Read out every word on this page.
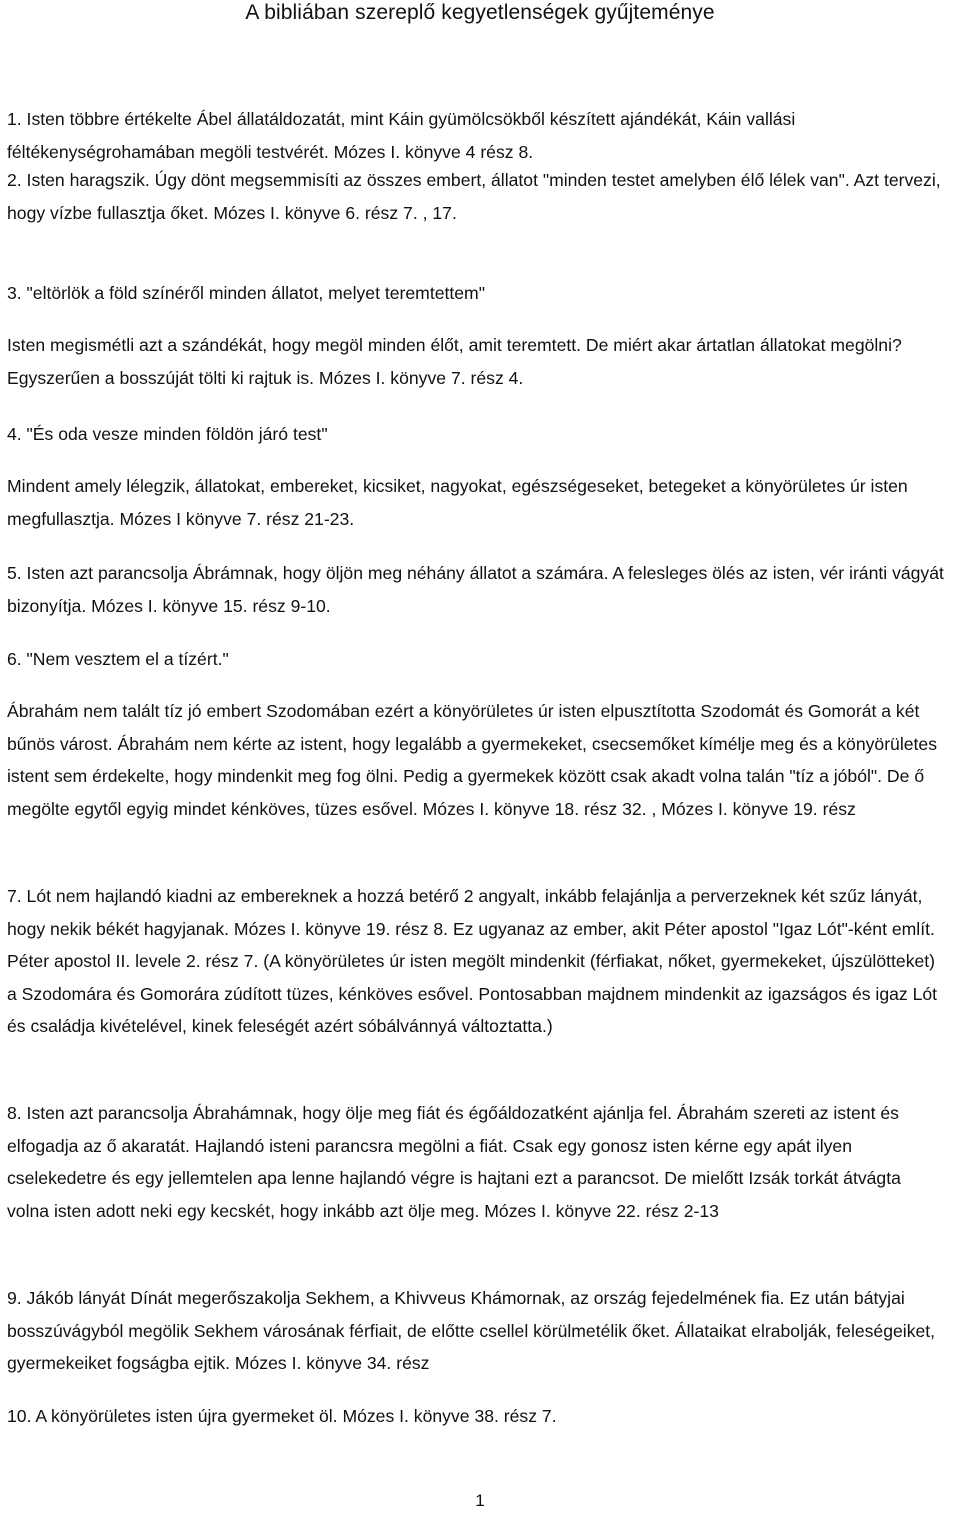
A bibliában szereplő kegyetlenségek gyűjteménye

1. Isten többre értékelte Ábel állatáldozatát, mint Káin gyümölcsökből készített ajándékát, Káin vallási féltékenységrohamában megöli testvérét. Mózes I. könyve 4 rész 8.

2. Isten haragszik. Úgy dönt megsemmisíti az összes embert, állatot "minden testet amelyben élő lélek van". Azt tervezi, hogy vízbe fullasztja őket. Mózes I. könyve 6. rész 7. , 17.

3. "eltörlök a föld színéről minden állatot, melyet teremtettem"

Isten megismétli azt a szándékát, hogy megöl minden élőt, amit teremtett. De miért akar ártatlan állatokat megölni? Egyszerűen a bosszúját tölti ki rajtuk is. Mózes I. könyve 7. rész 4.

4. "És oda vesze minden földön járó test"

Mindent amely lélegzik, állatokat, embereket, kicsiket, nagyokat, egészségeseket, betegeket a könyörületes úr isten megfullasztja. Mózes I könyve 7. rész 21-23.

5. Isten azt parancsolja Ábrámnak, hogy öljön meg néhány állatot a számára. A felesleges ölés az isten, vér iránti vágyát bizonyítja. Mózes I. könyve 15. rész 9-10.

6. "Nem vesztem el a tízért."

Ábrahám nem talált tíz jó embert Szodomában ezért a könyörületes úr isten elpusztította Szodomát és Gomorát a két bűnös várost. Ábrahám nem kérte az istent, hogy legalább a gyermekeket, csecsemőket kímélje meg és a könyörületes istent sem érdekelte, hogy mindenkit meg fog ölni. Pedig a gyermekek között csak akadt volna talán "tíz a jóból". De ő megölte egytől egyig mindet kénköves, tüzes esővel. Mózes I. könyve 18. rész 32. , Mózes I. könyve 19. rész

7. Lót nem hajlandó kiadni az embereknek a hozzá betérő 2 angyalt, inkább felajánlja a perverzeknek két szűz lányát, hogy nekik békét hagyjanak. Mózes I. könyve 19. rész 8. Ez ugyanaz az ember, akit Péter apostol "Igaz Lót"-ként említ. Péter apostol II. levele 2. rész 7. (A könyörületes úr isten megölt mindenkit (férfiakat, nőket, gyermekeket, újszülötteket) a Szodomára és Gomorára zúdított tüzes, kénköves esővel. Pontosabban majdnem mindenkit az igazságos és igaz Lót és családja kivételével, kinek feleségét azért sóbálvánnyá változtatta.)

8. Isten azt parancsolja Ábrahámnak, hogy ölje meg fiát és égőáldozatként ajánlja fel. Ábrahám szereti az istent és elfogadja az ő akaratát. Hajlandó isteni parancsra megölni a fiát. Csak egy gonosz isten kérne egy apát ilyen cselekedetre és egy jellemtelen apa lenne hajlandó végre is hajtani ezt a parancsot. De mielőtt Izsák torkát átvágta volna isten adott neki egy kecskét, hogy inkább azt ölje meg. Mózes I. könyve 22. rész 2-13

9. Jákób lányát Dínát megerőszakolja Sekhem, a Khivveus Khámornak, az ország fejedelmének fia. Ez után bátyjai bosszúvágyból megölik Sekhem városának férfiait, de előtte csellel körülmetélik őket. Állataikat elrabolják, feleségeiket, gyermekeiket fogságba ejtik. Mózes I. könyve 34. rész

10. A könyörületes isten újra gyermeket öl. Mózes I. könyve 38. rész 7.

1
